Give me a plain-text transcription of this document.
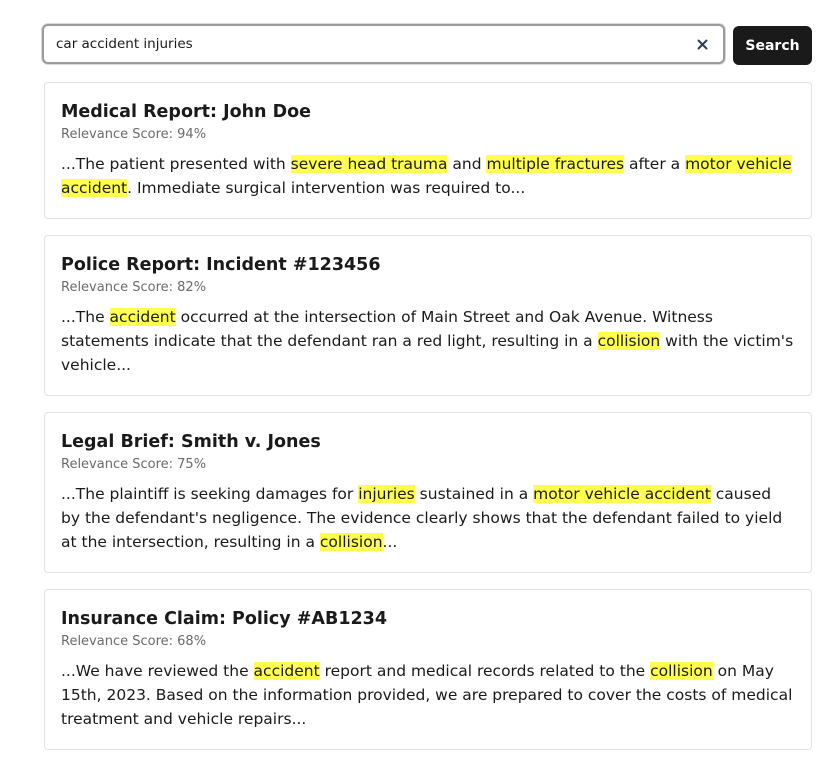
car accident injuries
Search
Medical Report: John Doe
Relevance Score: 94%
...The patient presented with severe head trauma and multiple fractures after a motor vehicle accident. Immediate surgical intervention was required to...
Police Report: Incident #123456
Relevance Score: 82%
...The accident occurred at the intersection of Main Street and Oak Avenue. Witness statements indicate that the defendant ran a red light, resulting in a collision with the victim's vehicle...
Legal Brief: Smith v. Jones
Relevance Score: 75%
...The plaintiff is seeking damages for injuries sustained in a motor vehicle accident caused by the defendant's negligence. The evidence clearly shows that the defendant failed to yield at the intersection, resulting in a collision...
Insurance Claim: Policy #AB1234
Relevance Score: 68%
...We have reviewed the accident report and medical records related to the collision on May 15th, 2023. Based on the information provided, we are prepared to cover the costs of medical treatment and vehicle repairs...
